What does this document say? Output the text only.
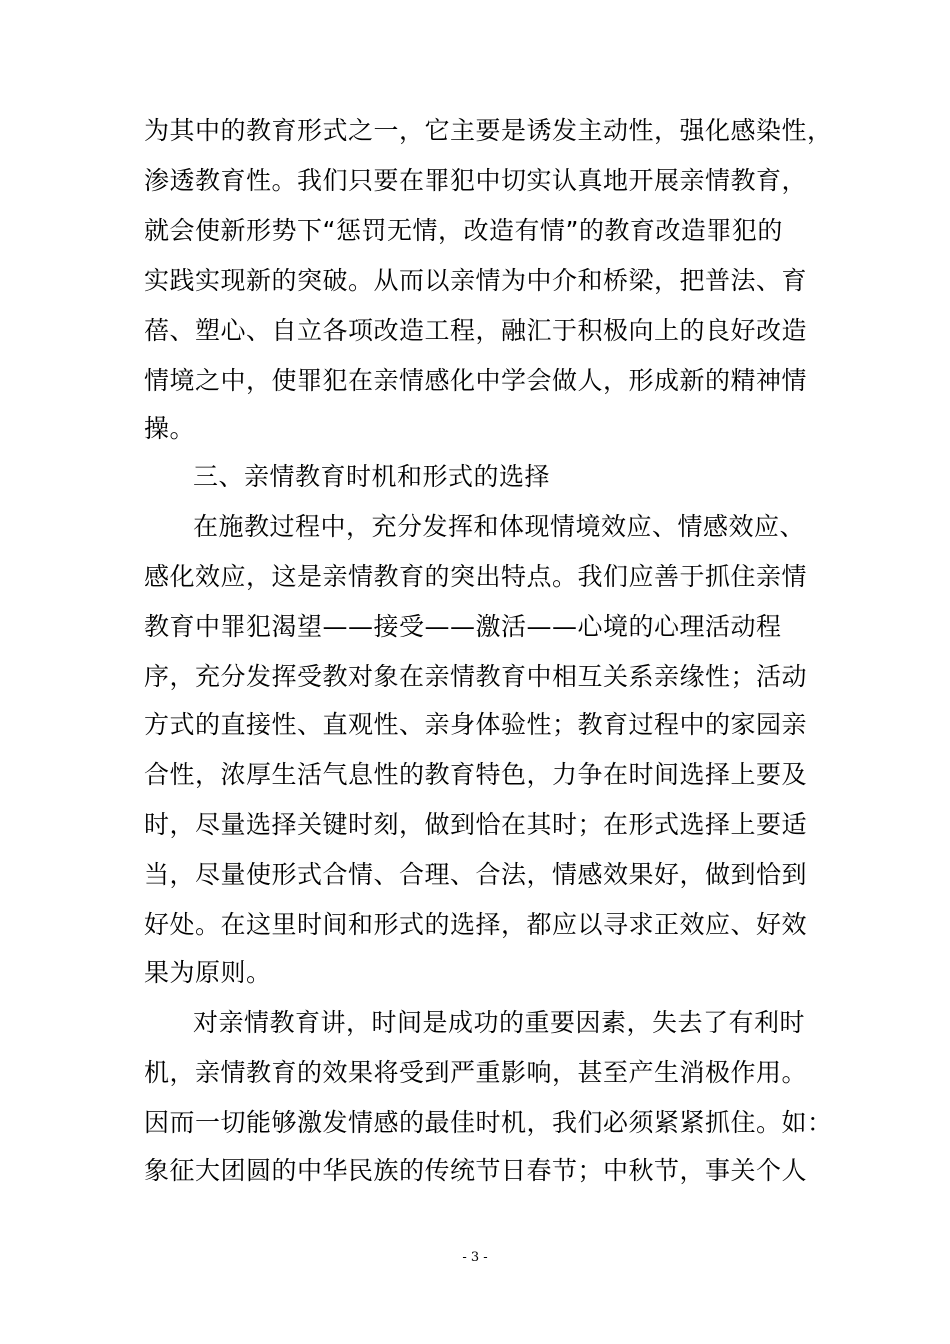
为其中的教育形式之一，它主要是诱发主动性，强化感染性，
渗透教育性。我们只要在罪犯中切实认真地开展亲情教育，
就会使新形势下“惩罚无情，改造有情”的教育改造罪犯的
实践实现新的突破。从而以亲情为中介和桥梁，把普法、育
蓓、塑心、自立各项改造工程，融汇于积极向上的良好改造
情境之中，使罪犯在亲情感化中学会做人，形成新的精神情
操。
三、亲情教育时机和形式的选择
在施教过程中，充分发挥和体现情境效应、情感效应、
感化效应，这是亲情教育的突出特点。我们应善于抓住亲情
教育中罪犯渴望——接受——激活——心境的心理活动程
序，充分发挥受教对象在亲情教育中相互关系亲缘性；活动
方式的直接性、直观性、亲身体验性；教育过程中的家园亲
合性，浓厚生活气息性的教育特色，力争在时间选择上要及
时，尽量选择关键时刻，做到恰在其时；在形式选择上要适
当，尽量使形式合情、合理、合法，情感效果好，做到恰到
好处。在这里时间和形式的选择，都应以寻求正效应、好效
果为原则。
对亲情教育讲，时间是成功的重要因素，失去了有利时
机，亲情教育的效果将受到严重影响，甚至产生消极作用。
因而一切能够激发情感的最佳时机，我们必须紧紧抓住。如：
象征大团圆的中华民族的传统节日春节；中秋节，事关个人
- 3 -
